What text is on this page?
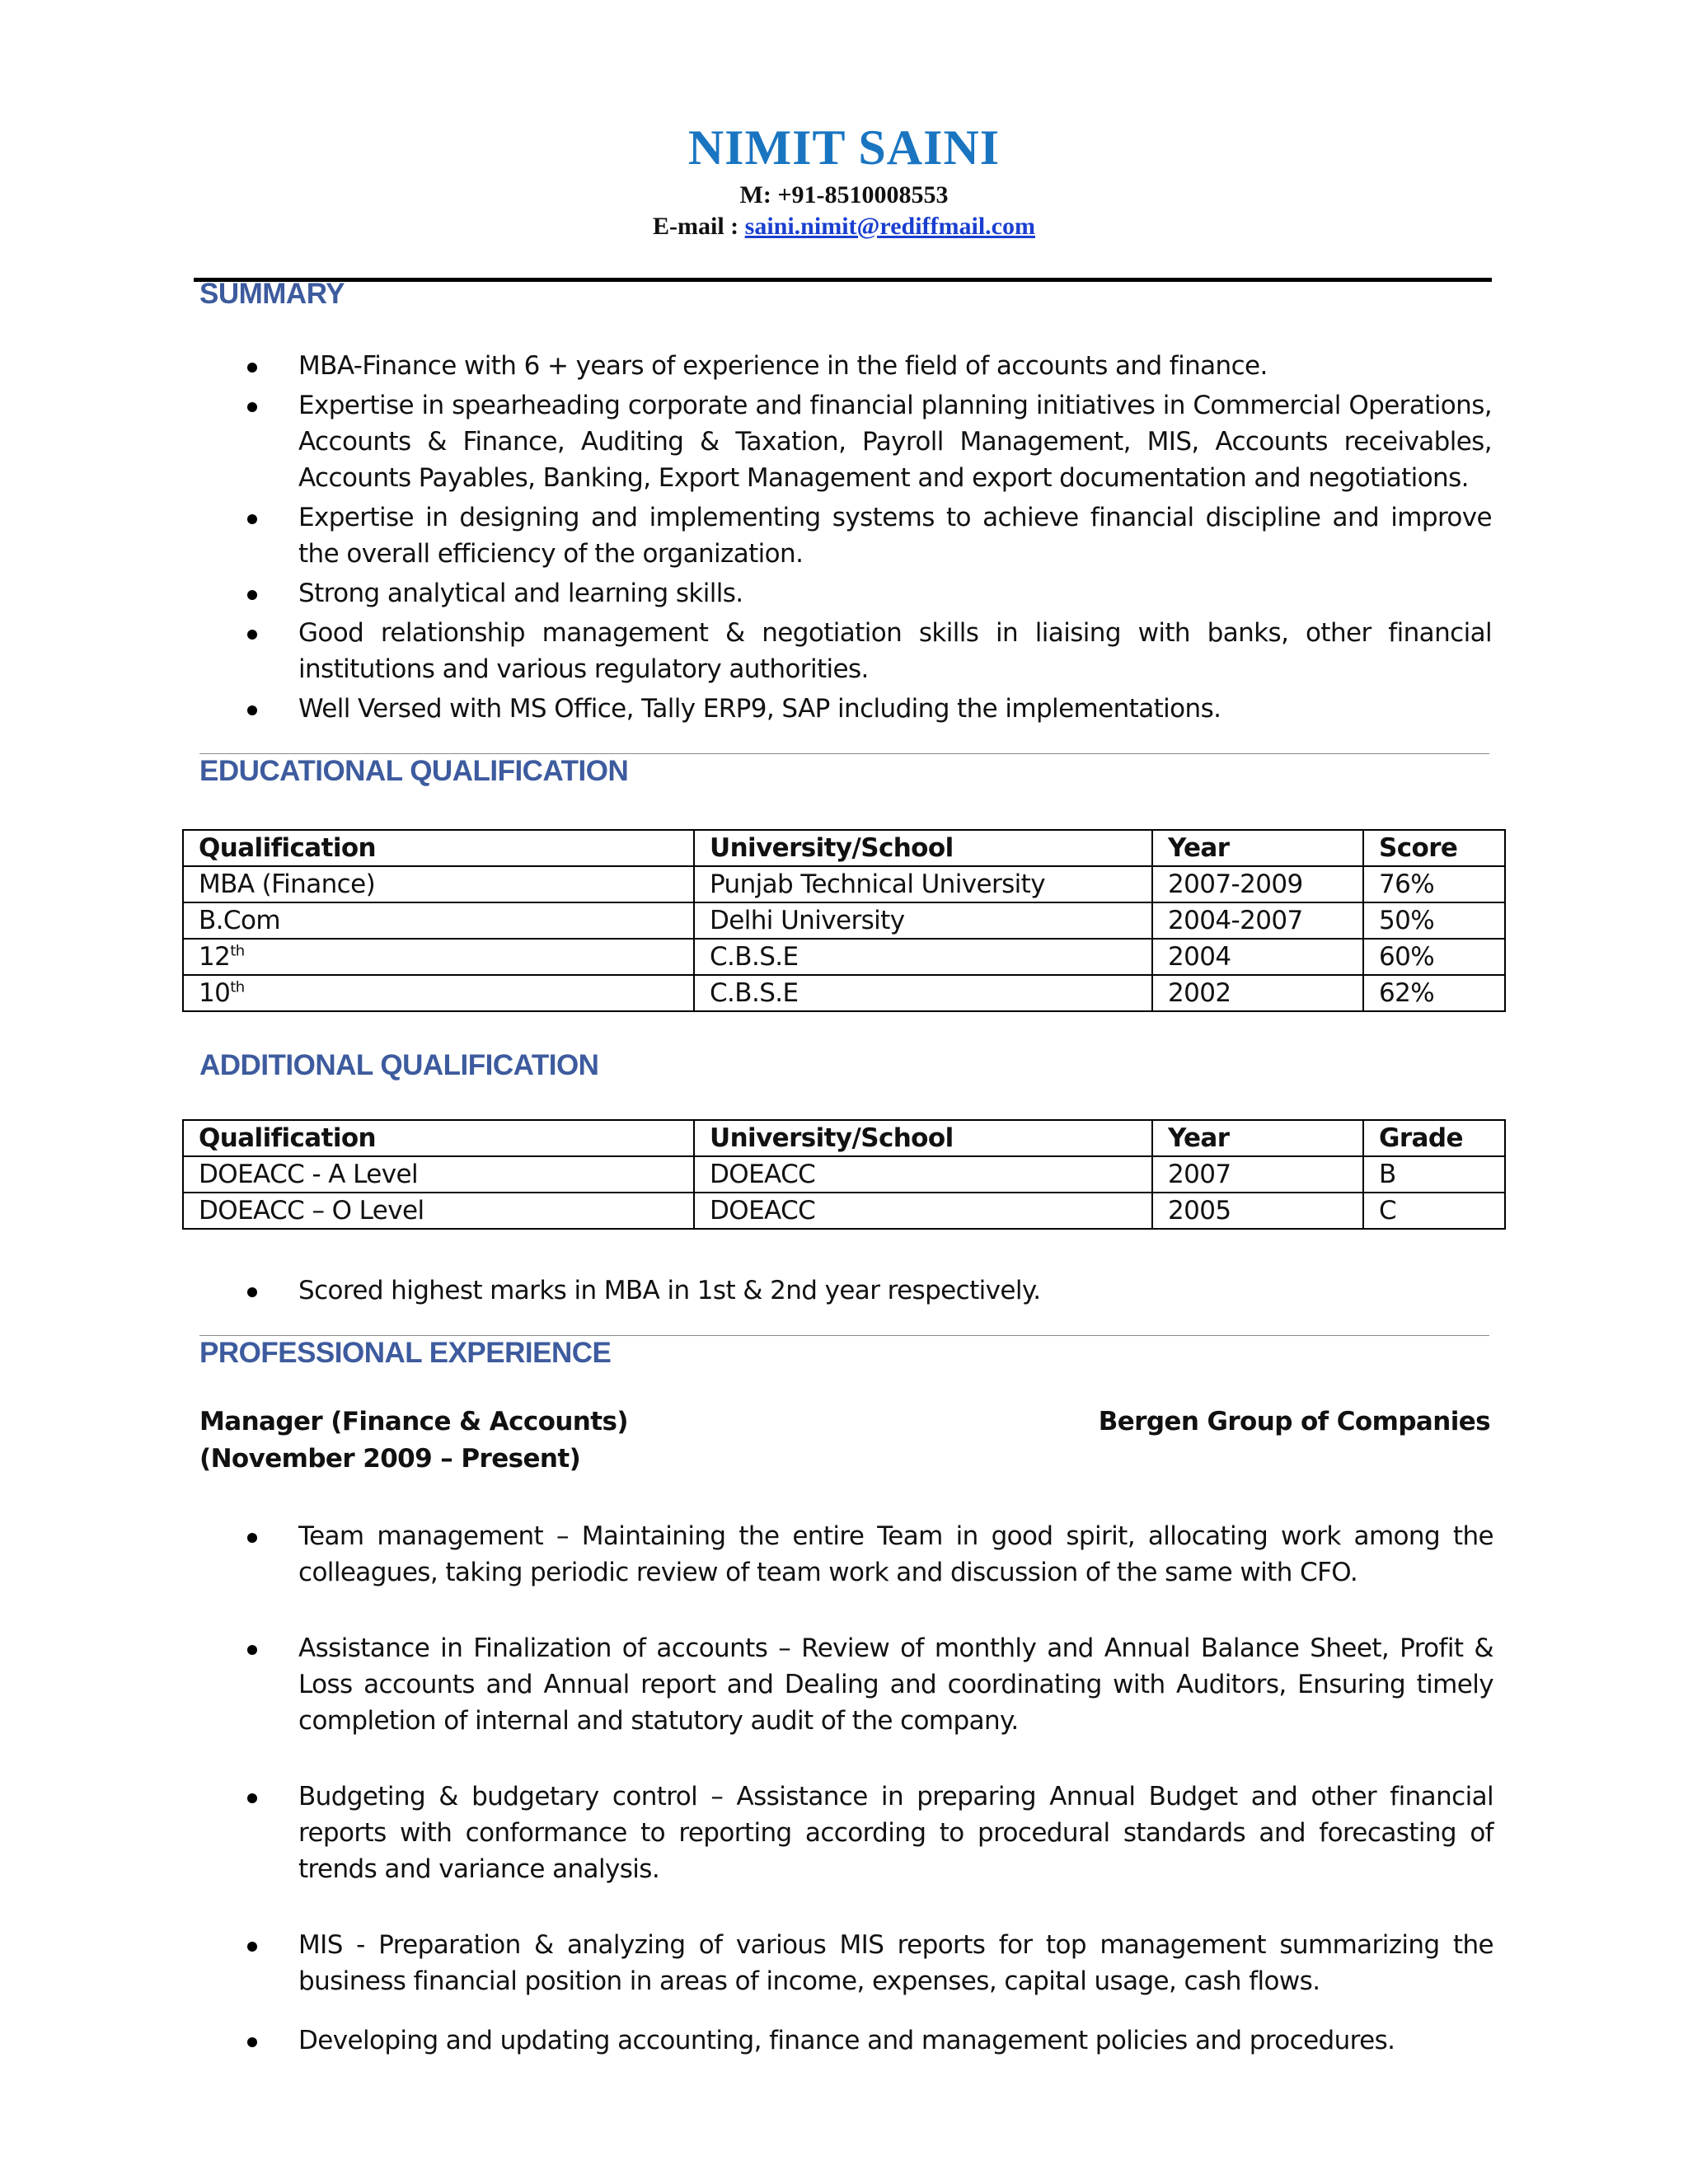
NIMIT SAINI
M: +91-8510008553
E-mail : saini.nimit@rediffmail.com
SUMMARY
MBA-Finance with 6 + years of experience in the field of accounts and finance.
Expertise in spearheading corporate and financial planning initiatives in Commercial Operations, Accounts & Finance, Auditing & Taxation, Payroll Management, MIS, Accounts receivables, Accounts Payables, Banking, Export Management and export documentation and negotiations.
Expertise in designing and implementing systems to achieve financial discipline and improve the overall efficiency of the organization.
Strong analytical and learning skills.
Good relationship management & negotiation skills in liaising with banks, other financial institutions and various regulatory authorities.
Well Versed with MS Office, Tally ERP9, SAP including the implementations.
EDUCATIONAL QUALIFICATION
Qualification	University/School	Year	Score
MBA (Finance)	Punjab Technical University	2007-2009	76%
B.Com	Delhi University	2004-2007	50%
12th	C.B.S.E	2004	60%
10th	C.B.S.E	2002	62%
ADDITIONAL QUALIFICATION
Qualification	University/School	Year	Grade
DOEACC - A Level	DOEACC	2007	B
DOEACC – O Level	DOEACC	2005	C
Scored highest marks in MBA in 1st & 2nd year respectively.
PROFESSIONAL EXPERIENCE
Manager (Finance & Accounts)	Bergen Group of Companies
(November 2009 – Present)
Team management – Maintaining the entire Team in good spirit, allocating work among the colleagues, taking periodic review of team work and discussion of the same with CFO.
Assistance in Finalization of accounts – Review of monthly and Annual Balance Sheet, Profit & Loss accounts and Annual report and Dealing and coordinating with Auditors, Ensuring timely completion of internal and statutory audit of the company.
Budgeting & budgetary control – Assistance in preparing Annual Budget and other financial reports with conformance to reporting according to procedural standards and forecasting of trends and variance analysis.
MIS - Preparation & analyzing of various MIS reports for top management summarizing the business financial position in areas of income, expenses, capital usage, cash flows.
Developing and updating accounting, finance and management policies and procedures.
